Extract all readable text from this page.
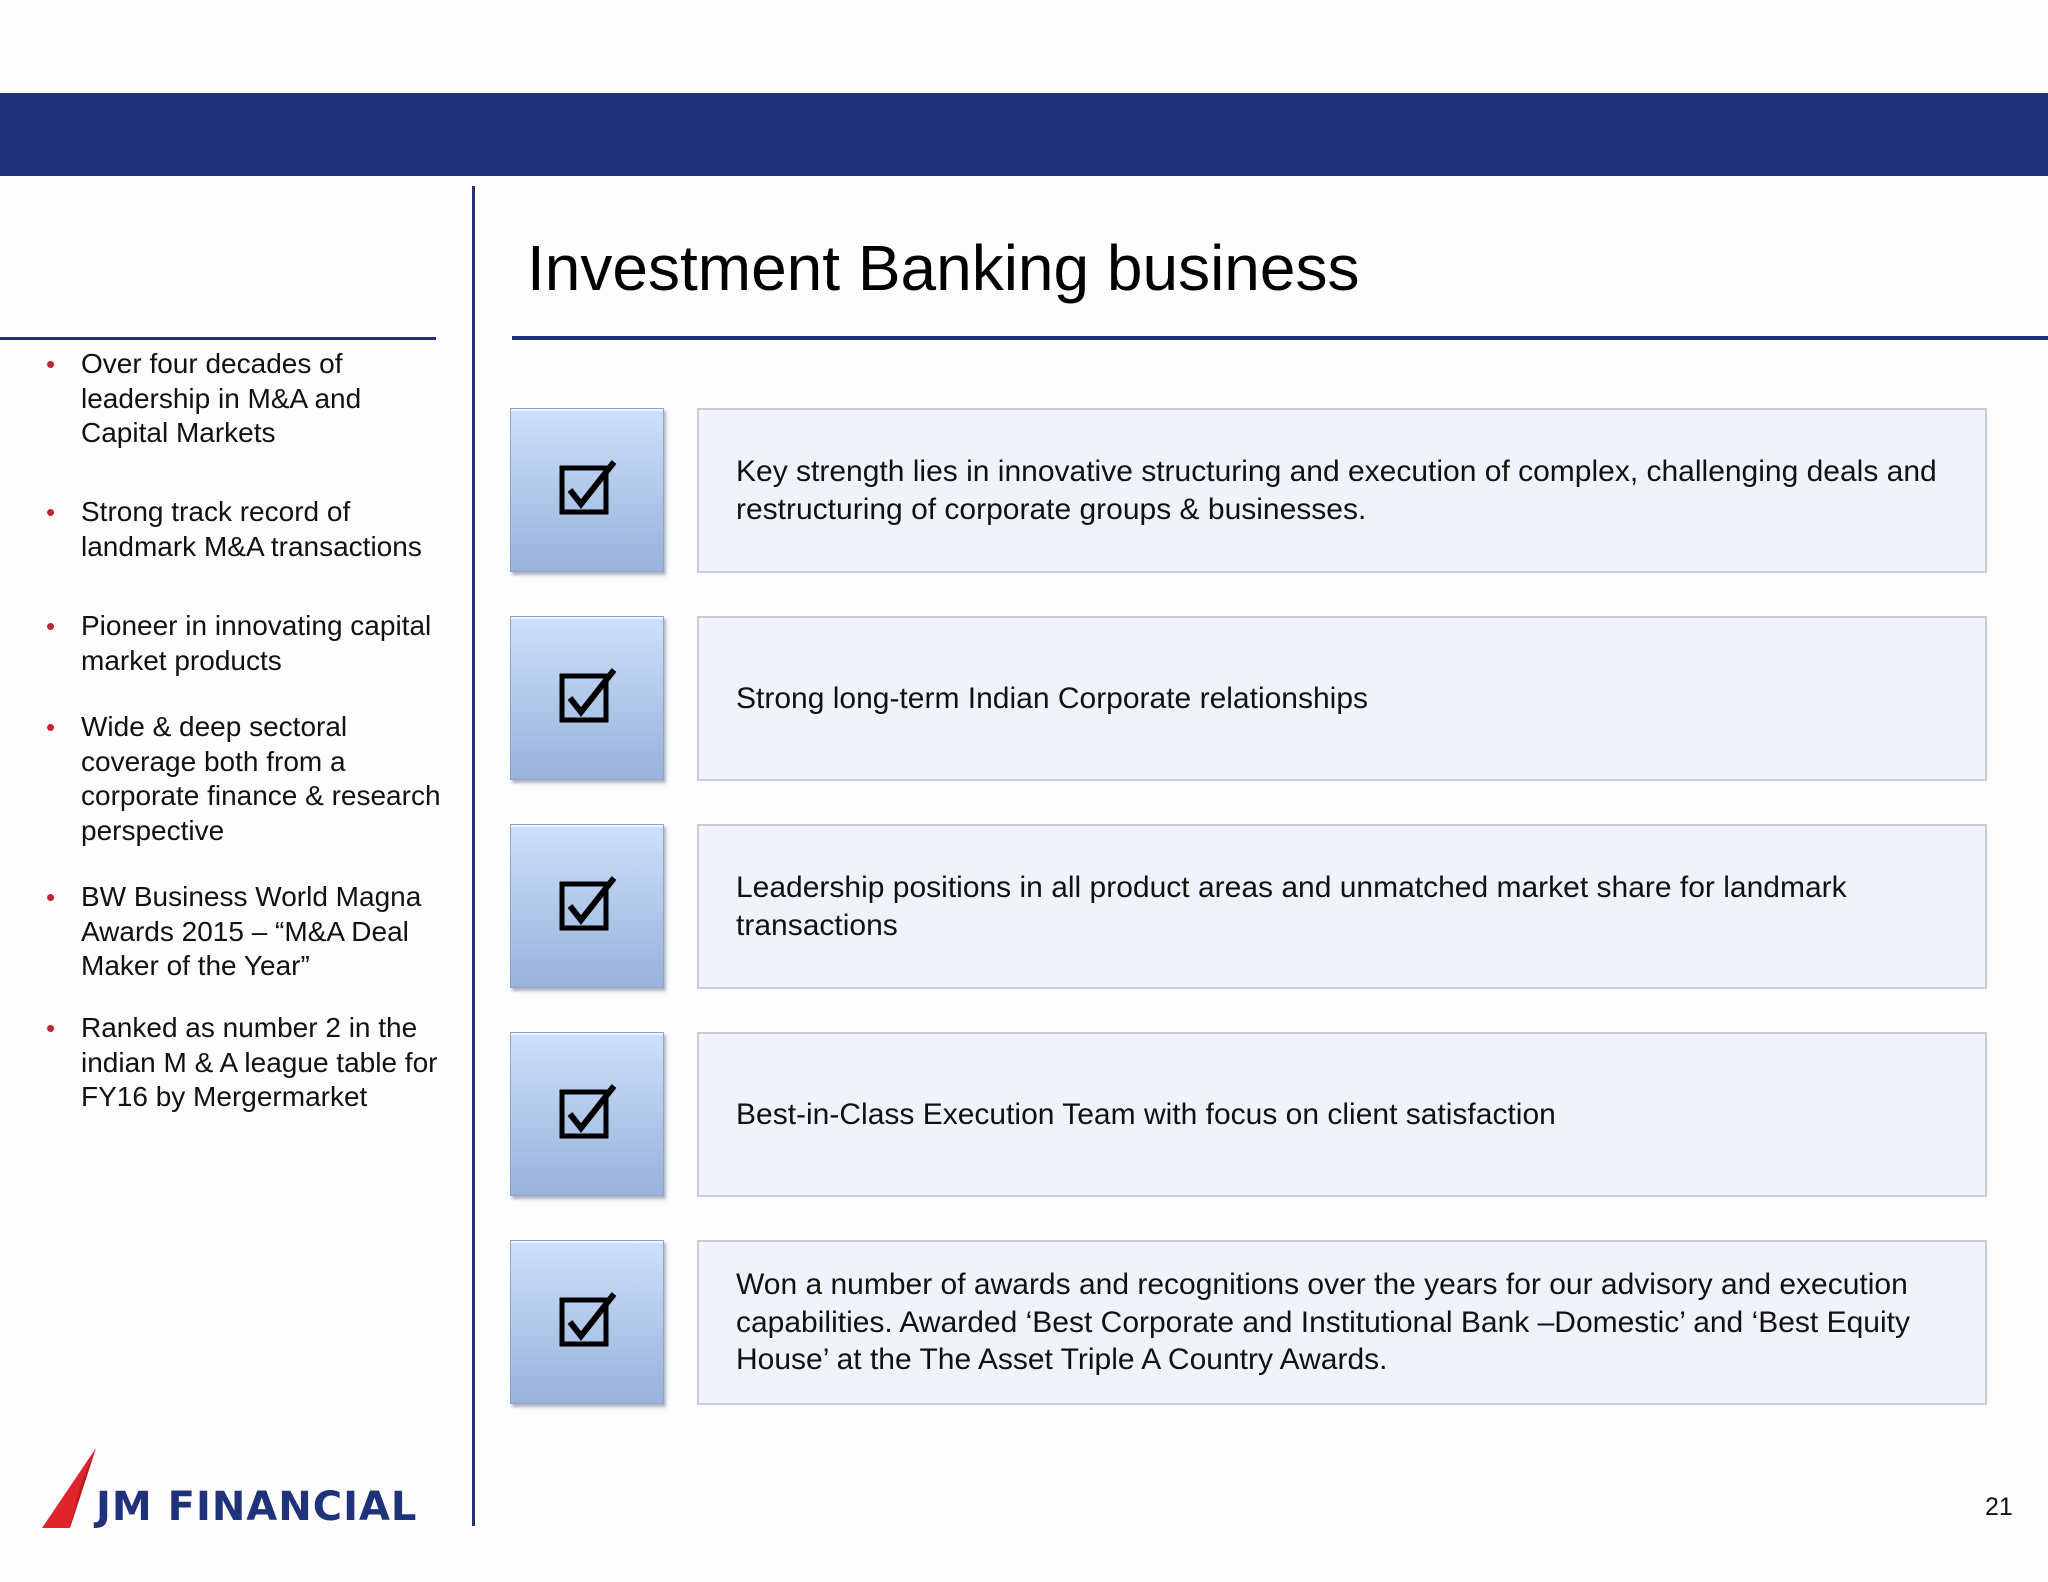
Investment Banking business
• Over four decades of leadership in M&A and Capital Markets
• Strong track record of landmark M&A transactions
• Pioneer in innovating capital market products
• Wide & deep sectoral coverage both from a corporate finance & research perspective
• BW Business World Magna Awards 2015 – “M&A Deal Maker of the Year”
• Ranked as number 2 in the indian M & A league table for FY16 by Mergermarket
Key strength lies in innovative structuring and execution of complex, challenging deals and restructuring of corporate groups & businesses.
Strong long-term Indian Corporate relationships
Leadership positions in all product areas and unmatched market share for landmark transactions
Best-in-Class Execution Team with focus on client satisfaction
Won a number of awards and recognitions over the years for our advisory and execution capabilities. Awarded ‘Best Corporate and Institutional Bank –Domestic’ and ‘Best Equity House’ at the The Asset Triple A Country Awards.
JM FINANCIAL	21
